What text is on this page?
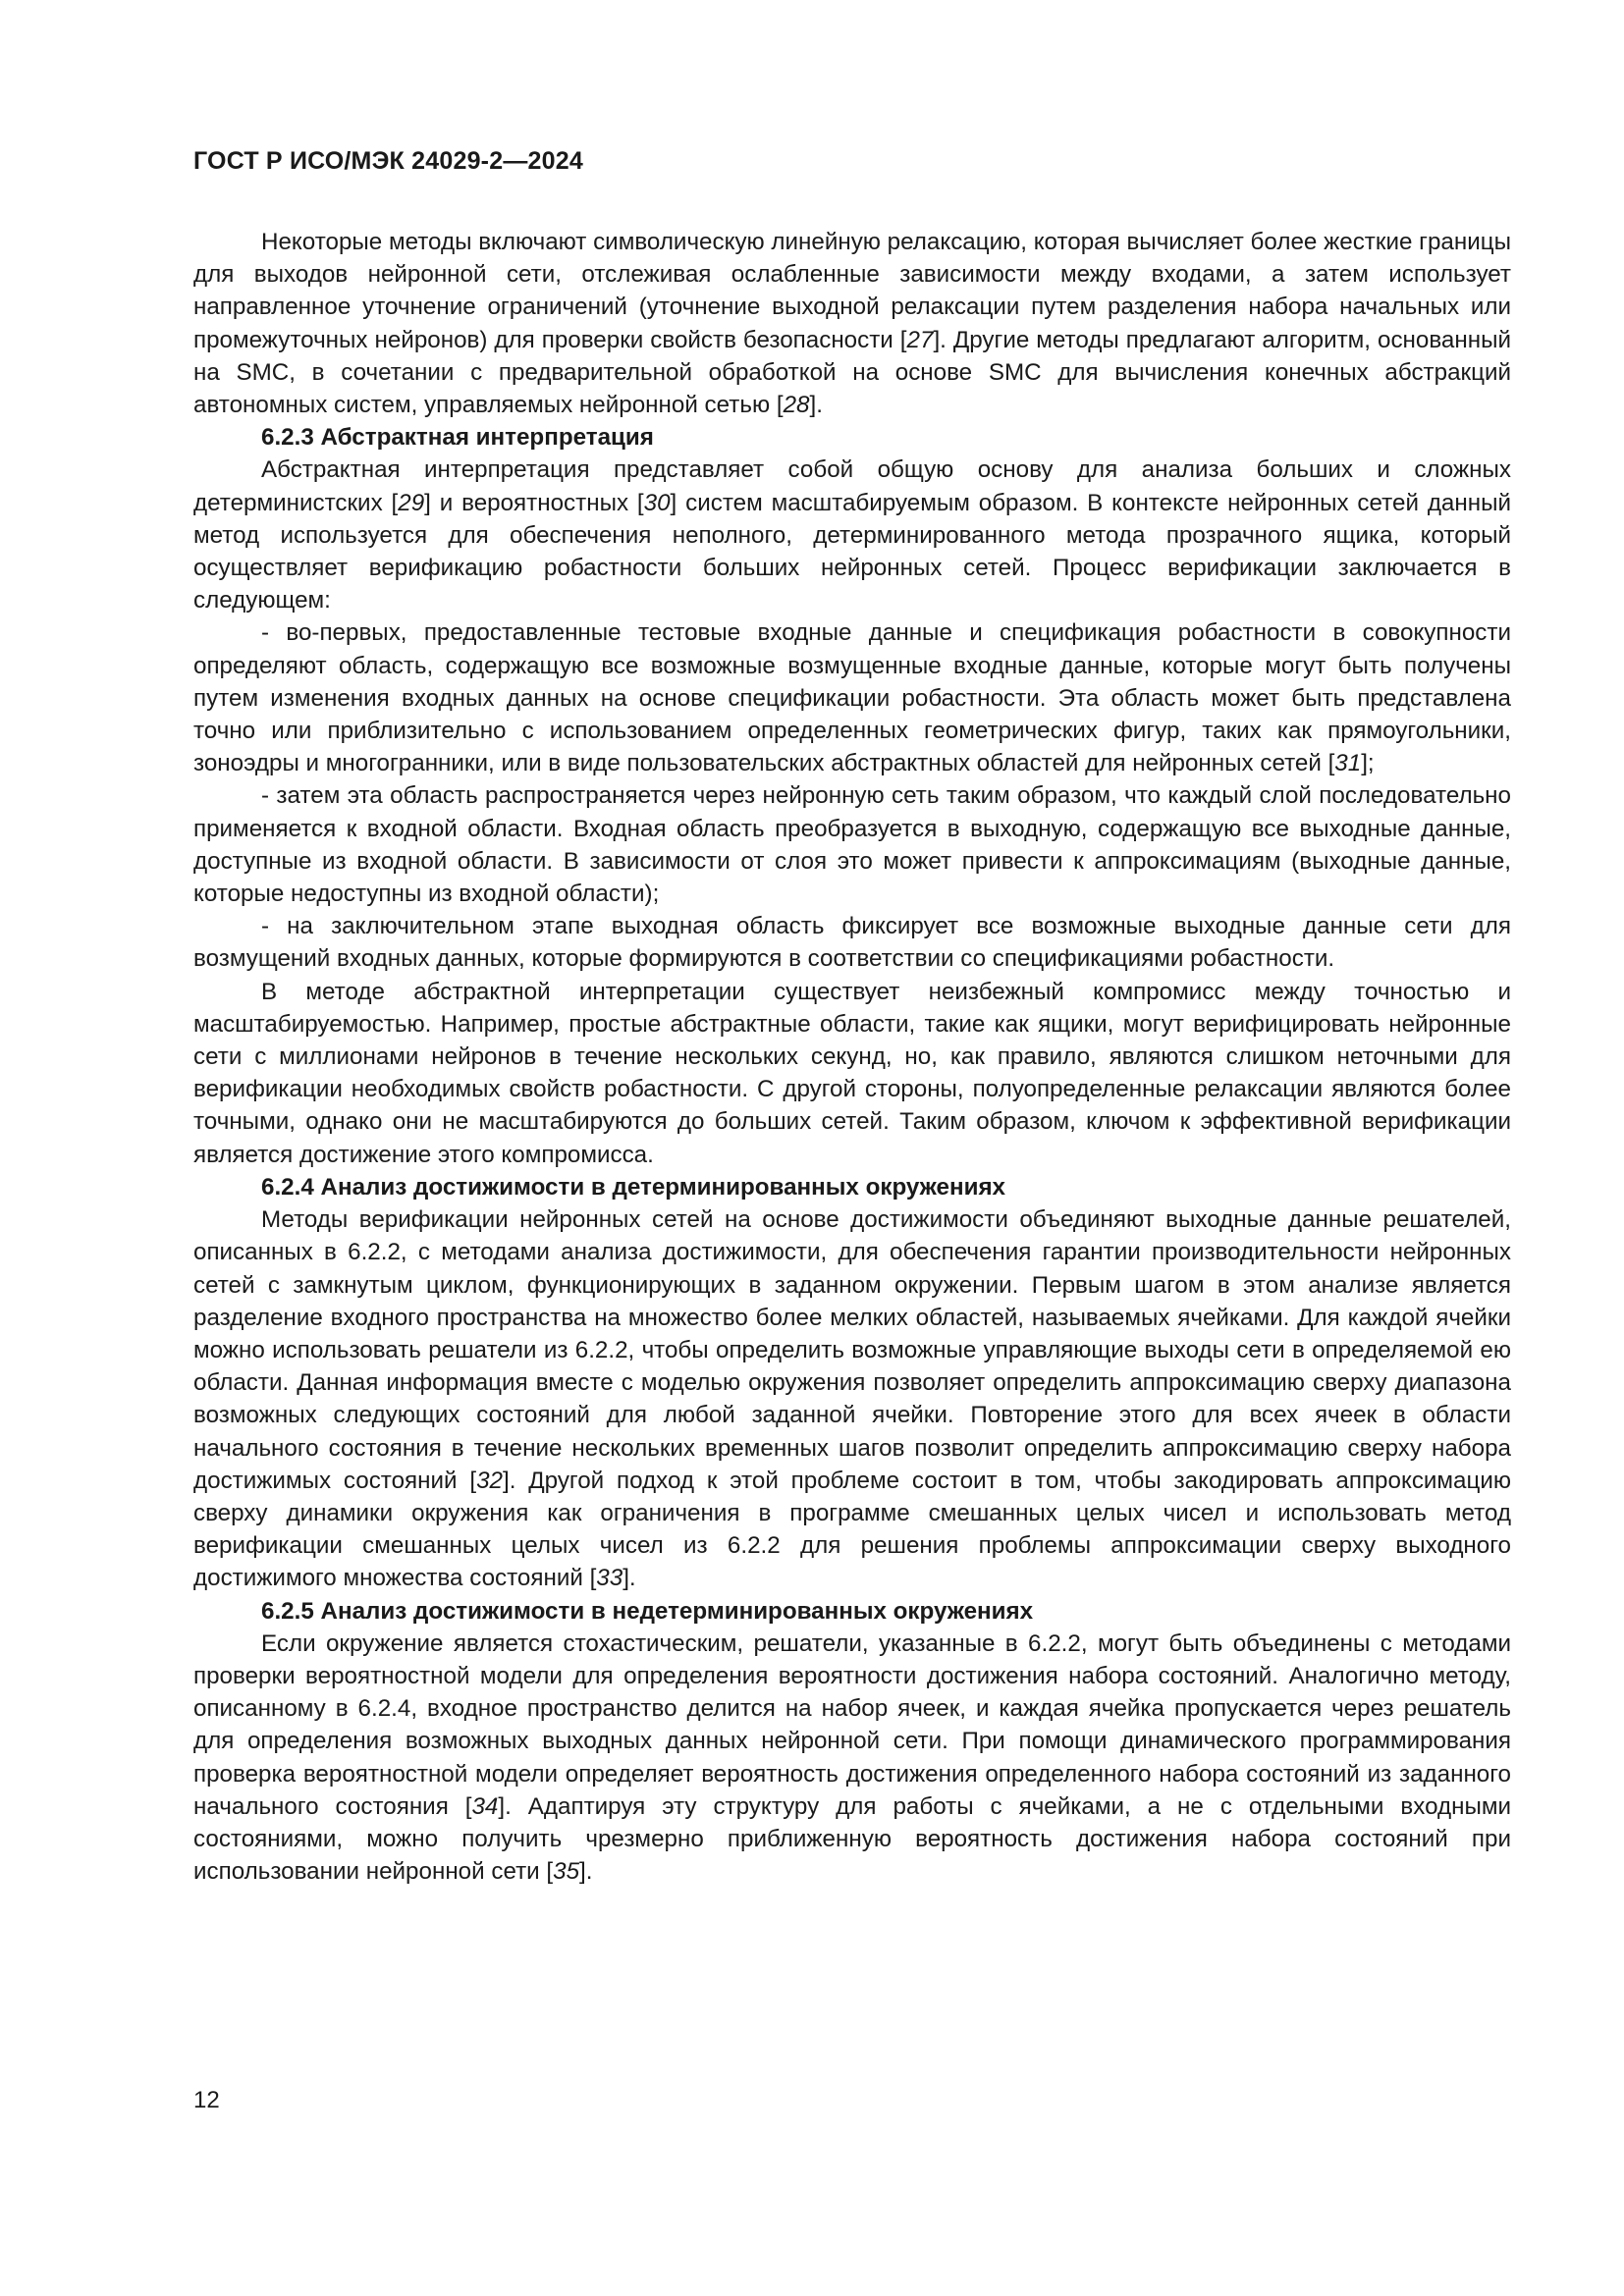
ГОСТ Р ИСО/МЭК 24029-2—2024

Некоторые методы включают символическую линейную релаксацию, которая вычисляет более жесткие границы для выходов нейронной сети, отслеживая ослабленные зависимости между входами, а затем использует направленное уточнение ограничений (уточнение выходной релаксации путем разделения набора начальных или промежуточных нейронов) для проверки свойств безопасности [27]. Другие методы предлагают алгоритм, основанный на SMC, в сочетании с предварительной обработкой на основе SMC для вычисления конечных абстракций автономных систем, управляемых нейронной сетью [28].

6.2.3 Абстрактная интерпретация

Абстрактная интерпретация представляет собой общую основу для анализа больших и сложных детерминистских [29] и вероятностных [30] систем масштабируемым образом. В контексте нейронных сетей данный метод используется для обеспечения неполного, детерминированного метода прозрачного ящика, который осуществляет верификацию робастности больших нейронных сетей. Процесс верификации заключается в следующем:

- во-первых, предоставленные тестовые входные данные и спецификация робастности в совокупности определяют область, содержащую все возможные возмущенные входные данные, которые могут быть получены путем изменения входных данных на основе спецификации робастности. Эта область может быть представлена точно или приблизительно с использованием определенных геометрических фигур, таких как прямоугольники, зоноэдры и многогранники, или в виде пользовательских абстрактных областей для нейронных сетей [31];

- затем эта область распространяется через нейронную сеть таким образом, что каждый слой последовательно применяется к входной области. Входная область преобразуется в выходную, содержащую все выходные данные, доступные из входной области. В зависимости от слоя это может привести к аппроксимациям (выходные данные, которые недоступны из входной области);

- на заключительном этапе выходная область фиксирует все возможные выходные данные сети для возмущений входных данных, которые формируются в соответствии со спецификациями робастности.

В методе абстрактной интерпретации существует неизбежный компромисс между точностью и масштабируемостью. Например, простые абстрактные области, такие как ящики, могут верифицировать нейронные сети с миллионами нейронов в течение нескольких секунд, но, как правило, являются слишком неточными для верификации необходимых свойств робастности. С другой стороны, полуопределенные релаксации являются более точными, однако они не масштабируются до больших сетей. Таким образом, ключом к эффективной верификации является достижение этого компромисса.

6.2.4 Анализ достижимости в детерминированных окружениях

Методы верификации нейронных сетей на основе достижимости объединяют выходные данные решателей, описанных в 6.2.2, с методами анализа достижимости, для обеспечения гарантии производительности нейронных сетей с замкнутым циклом, функционирующих в заданном окружении. Первым шагом в этом анализе является разделение входного пространства на множество более мелких областей, называемых ячейками. Для каждой ячейки можно использовать решатели из 6.2.2, чтобы определить возможные управляющие выходы сети в определяемой ею области. Данная информация вместе с моделью окружения позволяет определить аппроксимацию сверху диапазона возможных следующих состояний для любой заданной ячейки. Повторение этого для всех ячеек в области начального состояния в течение нескольких временных шагов позволит определить аппроксимацию сверху набора достижимых состояний [32]. Другой подход к этой проблеме состоит в том, чтобы закодировать аппроксимацию сверху динамики окружения как ограничения в программе смешанных целых чисел и использовать метод верификации смешанных целых чисел из 6.2.2 для решения проблемы аппроксимации сверху выходного достижимого множества состояний [33].

6.2.5 Анализ достижимости в недетерминированных окружениях

Если окружение является стохастическим, решатели, указанные в 6.2.2, могут быть объединены с методами проверки вероятностной модели для определения вероятности достижения набора состояний. Аналогично методу, описанному в 6.2.4, входное пространство делится на набор ячеек, и каждая ячейка пропускается через решатель для определения возможных выходных данных нейронной сети. При помощи динамического программирования проверка вероятностной модели определяет вероятность достижения определенного набора состояний из заданного начального состояния [34]. Адаптируя эту структуру для работы с ячейками, а не с отдельными входными состояниями, можно получить чрезмерно приближенную вероятность достижения набора состояний при использовании нейронной сети [35].

12
